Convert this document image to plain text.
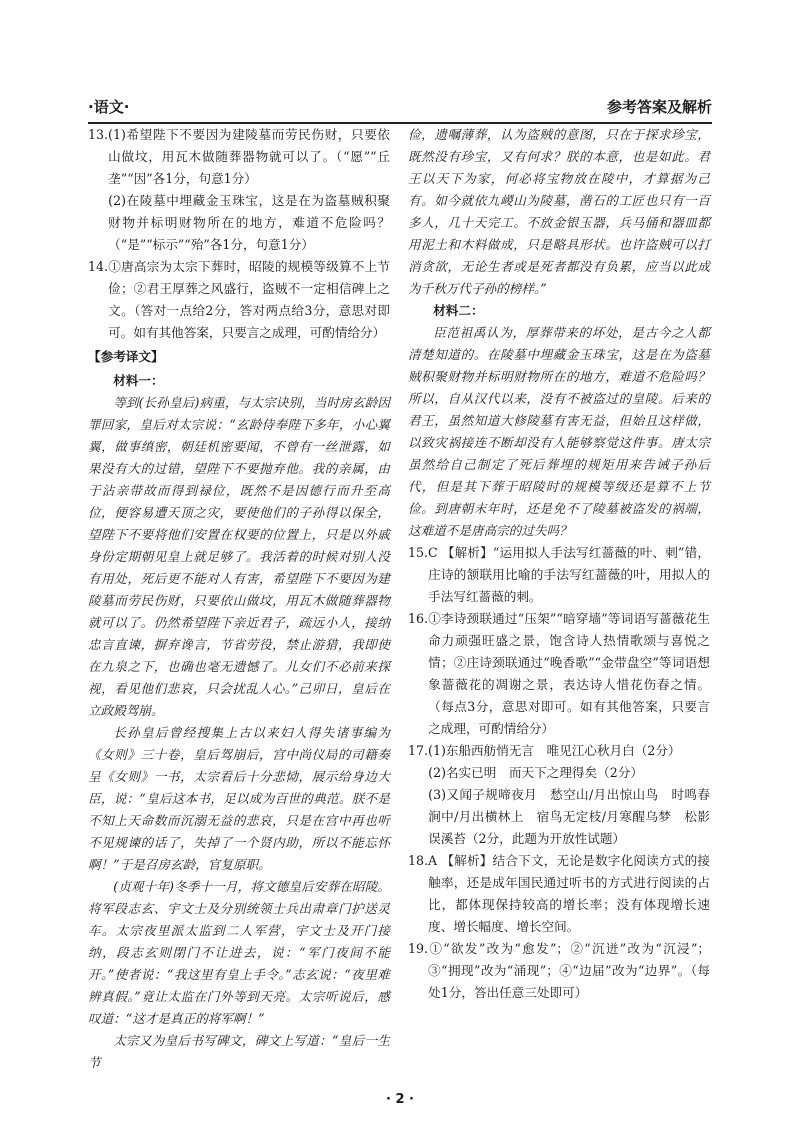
·语文·	参考答案及解析

13.(1)希望陛下不要因为建陵墓而劳民伤财，只要依山做坟，用瓦木做随葬器物就可以了。（“愿”“丘垄”“因”各1分，句意1分）

(2)在陵墓中埋藏金玉珠宝，这是在为盗墓贼积聚财物并标明财物所在的地方，难道不危险吗？（“是”“标示”“殆”各1分，句意1分）

14.①唐高宗为太宗下葬时，昭陵的规模等级算不上节俭；②君王厚葬之风盛行，盗贼不一定相信碑上之文。（答对一点给2分，答对两点给3分，意思对即可。如有其他答案，只要言之成理，可酌情给分）

【参考译文】

材料一：

等到(长孙皇后)病重，与太宗诀别，当时房玄龄因罪回家，皇后对太宗说：“玄龄侍奉陛下多年，小心翼翼，做事缜密，朝廷机密要闻，不曾有一丝泄露，如果没有大的过错，望陛下不要抛弃他。我的亲属，由于沾亲带故而得到禄位，既然不是因德行而升至高位，便容易遭天顶之灾，要使他们的子孙得以保全，望陛下不要将他们安置在权要的位置上，只是以外戚身份定期朝见皇上就足够了。我活着的时候对别人没有用处，死后更不能对人有害，希望陛下不要因为建陵墓而劳民伤财，只要依山做坟，用瓦木做随葬器物就可以了。仍然希望陛下亲近君子，疏远小人，接纳忠言直谏，摒弃谗言，节省劳役，禁止游猎，我即使在九泉之下，也确也毫无遗憾了。儿女们不必前来探视，看见他们悲哀，只会扰乱人心。”己卯日，皇后在立政殿驾崩。

长孙皇后曾经搜集上古以来妇人得失诸事编为《女则》三十卷，皇后驾崩后，宫中尚仪局的司籍奏呈《女则》一书，太宗看后十分悲恸，展示给身边大臣，说：“皇后这本书，足以成为百世的典范。朕不是不知上天命数而沉溺无益的悲哀，只是在宫中再也听不见规谏的话了，失掉了一个贤内助，所以不能忘怀啊！”于是召房玄龄，官复原职。

(贞观十年)冬季十一月，将文德皇后安葬在昭陵。将军段志玄、宇文士及分别统领士兵出肃章门护送灵车。太宗夜里派太监到二人军营，宇文士及开门接纳，段志玄则閉门不让进去，说：“军门夜间不能开。”使者说：“我这里有皇上手令。”志玄说：“夜里难辨真假。”竟让太监在门外等到天亮。太宗听说后，感叹道：“这才是真正的将军啊！”

太宗又为皇后书写碑文，碑文上写道：“皇后一生节

俭，遗嘱薄葬，认为盗贼的意图，只在于探求珍宝，既然没有珍宝，又有何求？朕的本意，也是如此。君王以天下为家，何必将宝物放在陵中，才算据为己有。如今就依九嵕山为陵墓，凿石的工匠也只有一百多人，几十天完工。不放金银玉器，兵马俑和器皿都用泥土和木料做成，只是略具形状。也许盗贼可以打消贪欲，无论生者或是死者都没有负累，应当以此成为千秋万代子孙的榜样。”

材料二：

臣范祖禹认为，厚葬带来的坏处，是古今之人都清楚知道的。在陵墓中埋藏金玉珠宝，这是在为盗墓贼积聚财物并标明财物所在的地方，难道不危险吗？所以，自从汉代以来，没有不被盗过的皇陵。后来的君王，虽然知道大修陵墓有害无益，但始且这样做，以致灾祸接连不断却没有人能够察觉这件事。唐太宗虽然给自己制定了死后葬埋的规矩用来告诫子孙后代，但是其下葬于昭陵时的规模等级还是算不上节俭。到唐朝末年时，还是免不了陵墓被盗发的祸端，这难道不是唐高宗的过失吗？

15.C 【解析】“运用拟人手法写红蔷薇的叶、刺”错，庄诗的颔联用比喻的手法写红蔷薇的叶，用拟人的手法写红蔷薇的刺。

16.①李诗颈联通过“压架”“暗穿墙”等词语写蔷薇花生命力顽强旺盛之景，饱含诗人热情歌颂与喜悦之情；②庄诗颈联通过“晚香歌”“金带盘空”等词语想象蔷薇花的凋谢之景，表达诗人惜花伤春之情。（每点3分，意思对即可。如有其他答案，只要言之成理，可酌情给分）

17.(1)东船西舫悄无言　唯见江心秋月白（2分）

(2)名实已明　而天下之理得矣（2分）

(3)又闻子规啼夜月　愁空山/月出惊山鸟　时鸣春涧中/月出横林上　宿鸟无定枝/月寒醒乌梦　松影误溪苔（2分，此题为开放性试题）

18.A 【解析】结合下文，无论是数字化阅读方式的接触率，还是成年国民通过听书的方式进行阅读的占比，都体现保持较高的增长率；没有体现增长速度、增长幅度、增长空间。

19.①“欲发”改为“愈发”；②“沉迸”改为“沉浸”；③“拥现”改为“涌现”；④“边届”改为“边界”。（每处1分，答出任意三处即可）

· 2 ·
